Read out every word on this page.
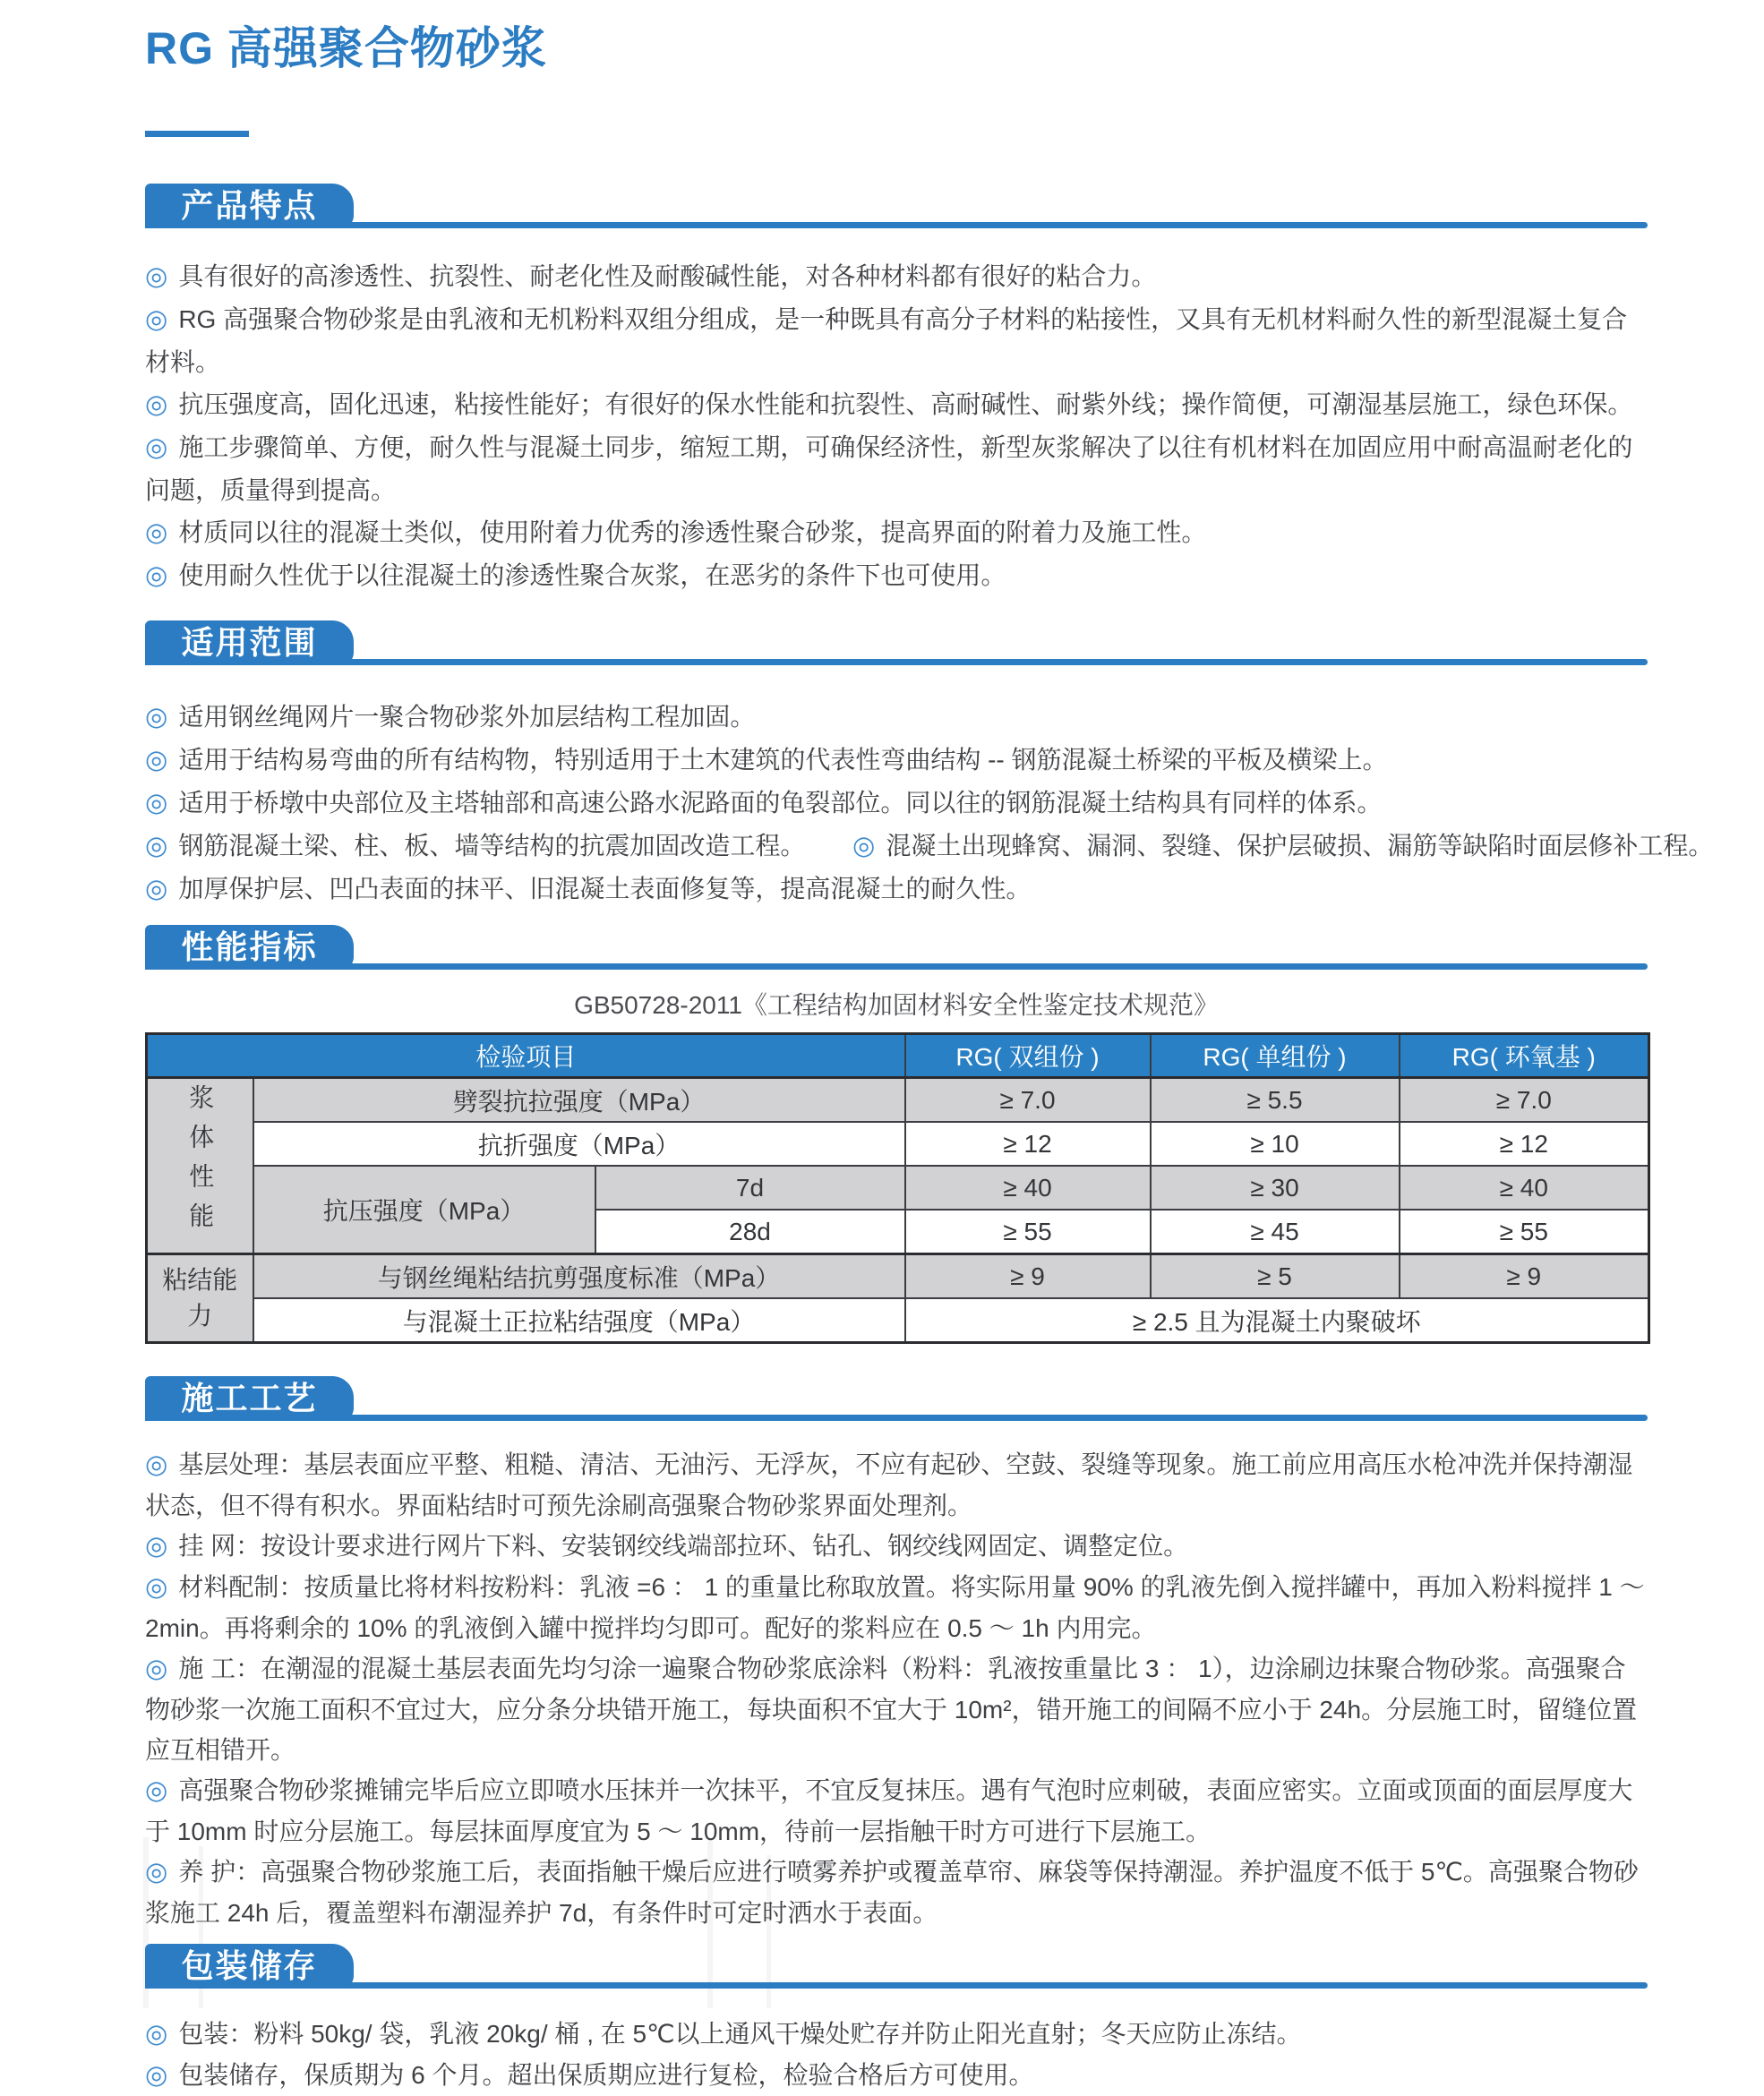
RG 高强聚合物砂浆
产品特点

◎ 具有很好的高渗透性、抗裂性、耐老化性及耐酸碱性能，对各种材料都有很好的粘合力。

◎ RG 高强聚合物砂浆是由乳液和无机粉料双组分组成，是一种既具有高分子材料的粘接性，又具有无机材料耐久性的新型混凝土复合材料。

◎ 抗压强度高，固化迅速，粘接性能好；有很好的保水性能和抗裂性、高耐碱性、耐紫外线；操作简便，可潮湿基层施工，绿色环保。

◎ 施工步骤简单、方便，耐久性与混凝土同步，缩短工期，可确保经济性，新型灰浆解决了以往有机材料在加固应用中耐高温耐老化的问题，质量得到提高。

◎ 材质同以往的混凝土类似，使用附着力优秀的渗透性聚合砂浆，提高界面的附着力及施工性。

◎ 使用耐久性优于以往混凝土的渗透性聚合灰浆，在恶劣的条件下也可使用。

适用范围

◎ 适用钢丝绳网片一聚合物砂浆外加层结构工程加固。

◎ 适用于结构易弯曲的所有结构物，特别适用于土木建筑的代表性弯曲结构 -- 钢筋混凝土桥梁的平板及横梁上。

◎ 适用于桥墩中央部位及主塔轴部和高速公路水泥路面的龟裂部位。同以往的钢筋混凝土结构具有同样的体系。

◎ 钢筋混凝土梁、柱、板、墙等结构的抗震加固改造工程。 ◎ 混凝土出现蜂窝、漏洞、裂缝、保护层破损、漏筋等缺陷时面层修补工程。

◎ 加厚保护层、凹凸表面的抹平、旧混凝土表面修复等，提高混凝土的耐久性。

性能指标
GB50728-2011《工程结构加固材料安全性鉴定技术规范》
检验项目			RG( 双组份 )	RG( 单组份 )	RG( 环氧基 )
浆体性能	劈裂抗拉强度（MPa）		≥ 7.0	≥ 5.5	≥ 7.0
	抗折强度（MPa）		≥ 12	≥ 10	≥ 12
	抗压强度（MPa）	7d	≥ 40	≥ 30	≥ 40
		28d	≥ 55	≥ 45	≥ 55
粘结能力	与钢丝绳粘结抗剪强度标准（MPa）		≥ 9	≥ 5	≥ 9
	与混凝土正拉粘结强度（MPa）		≥ 2.5 且为混凝土内聚破坏		
施工工艺

◎ 基层处理：基层表面应平整、粗糙、清洁、无油污、无浮灰，不应有起砂、空鼓、裂缝等现象。施工前应用高压水枪冲洗并保持潮湿状态，但不得有积水。界面粘结时可预先涂刷高强聚合物砂浆界面处理剂。

◎ 挂 网：按设计要求进行网片下料、安装钢绞线端部拉环、钻孔、钢绞线网固定、调整定位。

◎ 材料配制：按质量比将材料按粉料：乳液 =6 ： 1 的重量比称取放置。将实际用量 90% 的乳液先倒入搅拌罐中，再加入粉料搅拌 1 ～ 2min。再将剩余的 10% 的乳液倒入罐中搅拌均匀即可。配好的浆料应在 0.5 ～ 1h 内用完。

◎ 施 工：在潮湿的混凝土基层表面先均匀涂一遍聚合物砂浆底涂料（粉料：乳液按重量比 3 ： 1），边涂刷边抹聚合物砂浆。高强聚合物砂浆一次施工面积不宜过大，应分条分块错开施工，每块面积不宜大于 10m²，错开施工的间隔不应小于 24h。分层施工时，留缝位置应互相错开。

◎ 高强聚合物砂浆摊铺完毕后应立即喷水压抹并一次抹平，不宜反复抹压。遇有气泡时应刺破，表面应密实。立面或顶面的面层厚度大于 10mm 时应分层施工。每层抹面厚度宜为 5 ～ 10mm，待前一层指触干时方可进行下层施工。

◎ 养 护：高强聚合物砂浆施工后，表面指触干燥后应进行喷雾养护或覆盖草帘、麻袋等保持潮湿。养护温度不低于 5℃。高强聚合物砂浆施工 24h 后，覆盖塑料布潮湿养护 7d，有条件时可定时洒水于表面。

包装储存

◎ 包装：粉料 50kg/ 袋，乳液 20kg/ 桶 , 在 5℃以上通风干燥处贮存并防止阳光直射；冬天应防止冻结。

◎ 包装储存，保质期为 6 个月。超出保质期应进行复检，检验合格后方可使用。
